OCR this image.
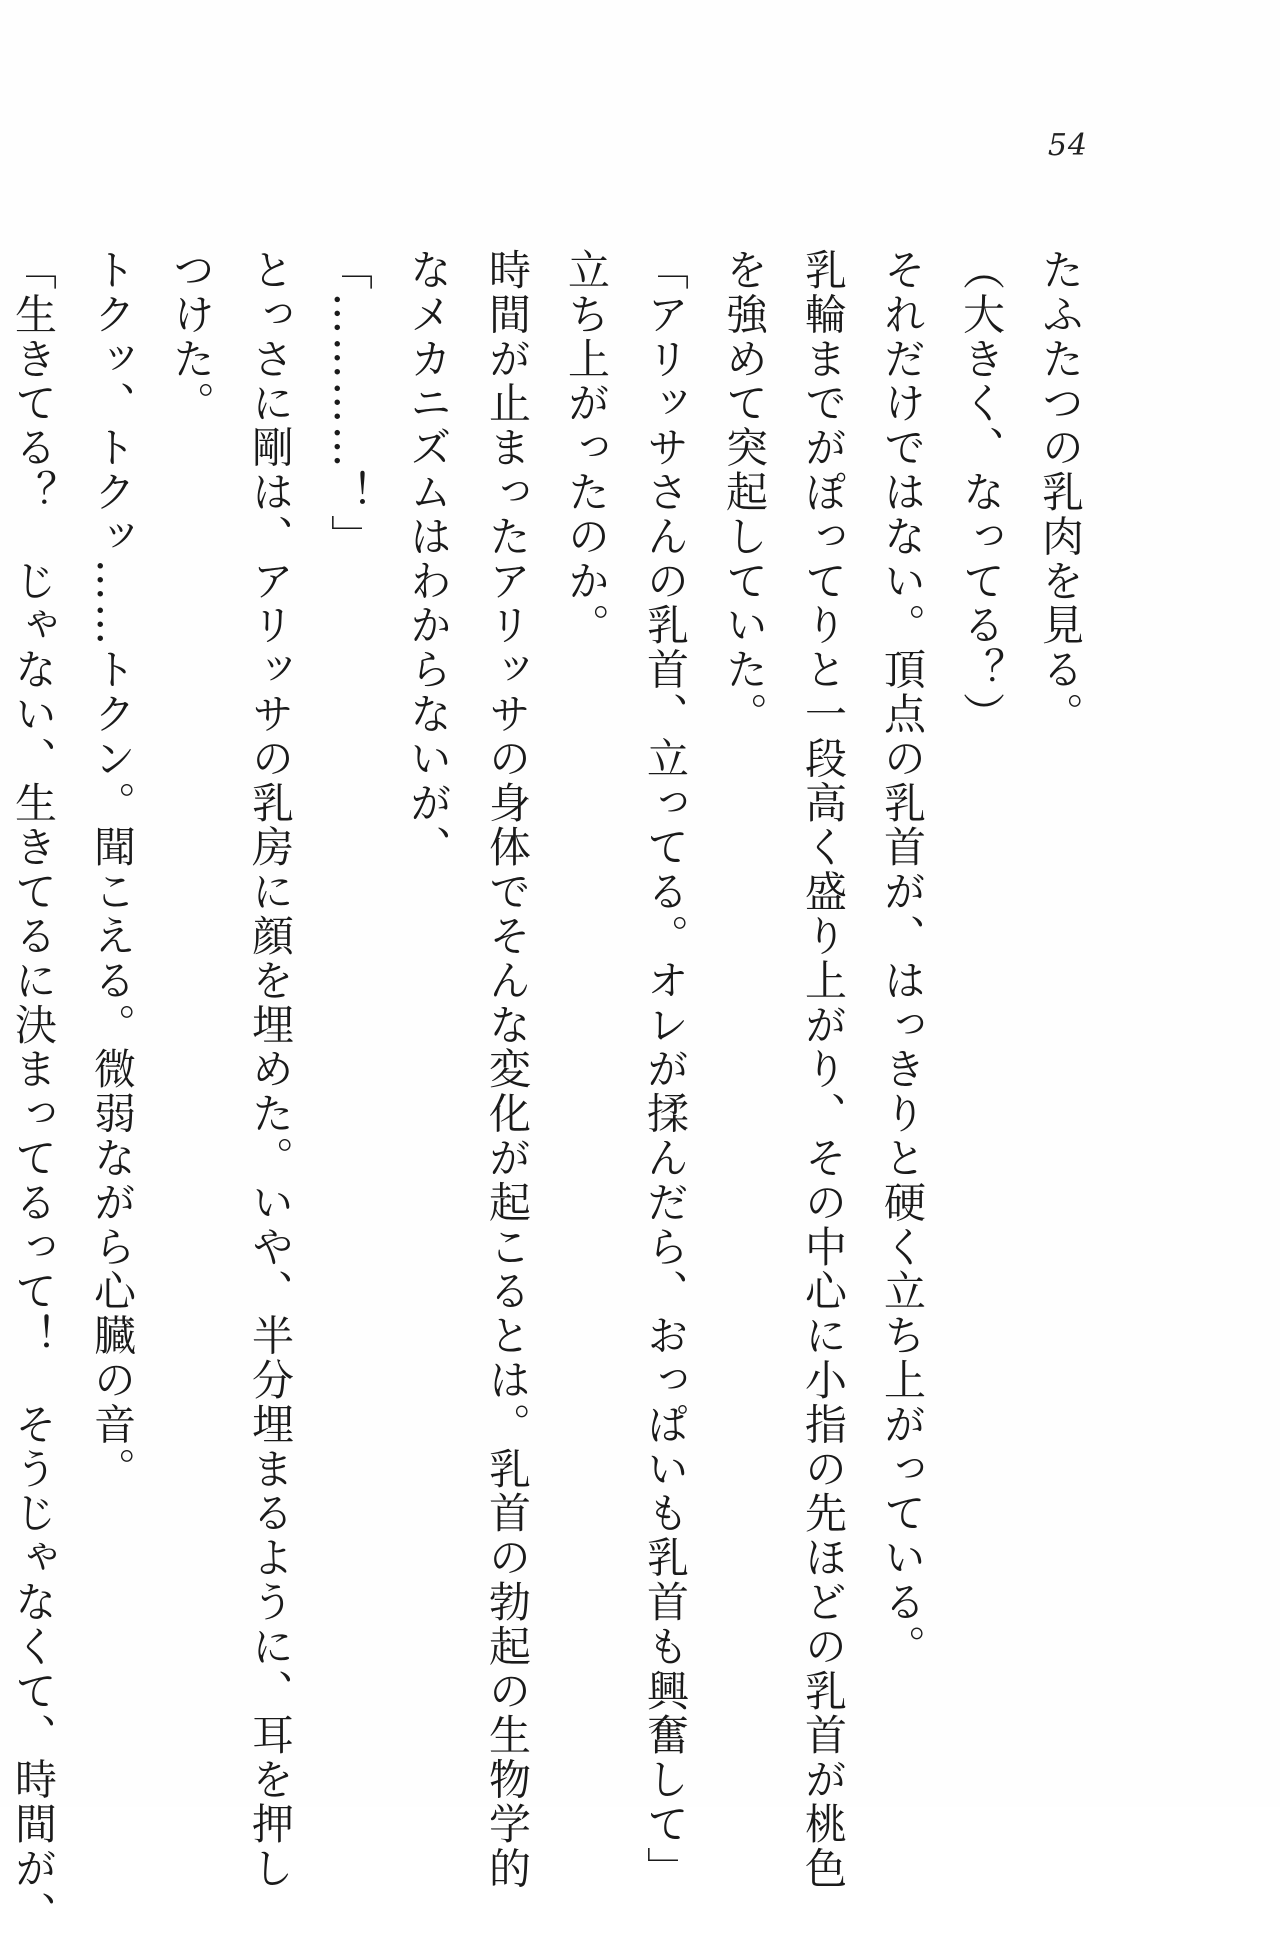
54
たふたつの乳肉を見る。
（大きく、なってる？）
それだけではない。頂点の乳首が、はっきりと硬く立ち上がっている。
乳輪までがぽってりと一段高く盛り上がり、その中心に小指の先ほどの乳首が桃色
を強めて突起していた。
「アリッサさんの乳首、立ってる。オレが揉んだら、おっぱいも乳首も興奮して」
立ち上がったのか。
時間が止まったアリッサの身体でそんな変化が起こるとは。乳首の勃起の生物学的
なメカニズムはわからないが、
「…………！」
とっさに剛は、アリッサの乳房に顔を埋めた。いや、半分埋まるように、耳を押し
つけた。
トクッ、トクッ……トクン。聞こえる。微弱ながら心臓の音。
「生きてる？　じゃない、生きてるに決まってるって！　そうじゃなくて、時間が、
